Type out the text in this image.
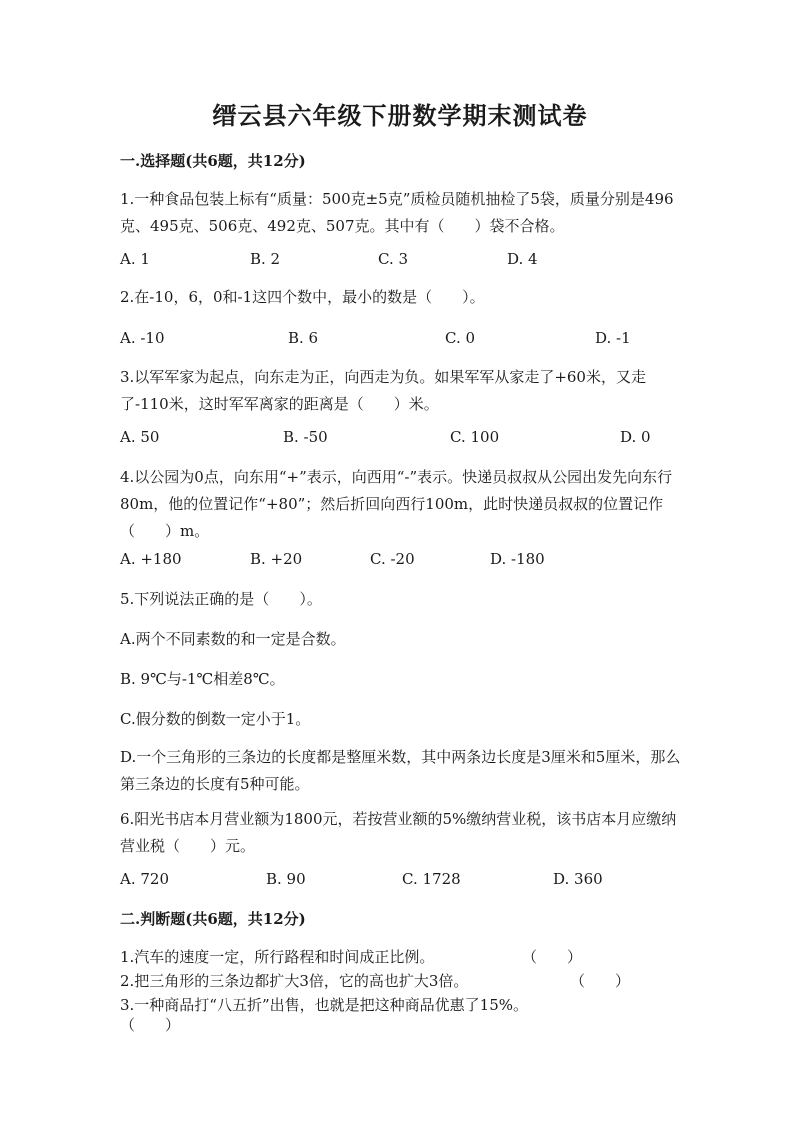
缙云县六年级下册数学期末测试卷
一.选择题(共6题，共12分)
1.一种食品包装上标有“质量：500克±5克”质检员随机抽检了5袋，质量分别是496克、495克、506克、492克、507克。其中有（　　）袋不合格。
A. 1	B. 2	C. 3	D. 4
2.在-10，6，0和-1这四个数中，最小的数是（　　）。
A. -10	B. 6	C. 0	D. -1
3.以军军家为起点，向东走为正，向西走为负。如果军军从家走了+60米，又走了-110米，这时军军离家的距离是（　　）米。
A. 50	B. -50	C. 100	D. 0
4.以公园为0点，向东用“+”表示，向西用“-”表示。快递员叔叔从公园出发先向东行80m，他的位置记作“+80”；然后折回向西行100m，此时快递员叔叔的位置记作（　　）m。
A. +180	B. +20	C. -20	D. -180
5.下列说法正确的是（　　）。
A.两个不同素数的和一定是合数。
B. 9℃与-1℃相差8℃。
C.假分数的倒数一定小于1。
D.一个三角形的三条边的长度都是整厘米数，其中两条边长度是3厘米和5厘米，那么第三条边的长度有5种可能。
6.阳光书店本月营业额为1800元，若按营业额的5%缴纳营业税，该书店本月应缴纳营业税（　　）元。
A. 720	B. 90	C. 1728	D. 360
二.判断题(共6题，共12分)
1.汽车的速度一定，所行路程和时间成正比例。	（　　）
2.把三角形的三条边都扩大3倍，它的高也扩大3倍。	（　　）
3.一种商品打“八五折”出售，也就是把这种商品优惠了15%。
（　　）
